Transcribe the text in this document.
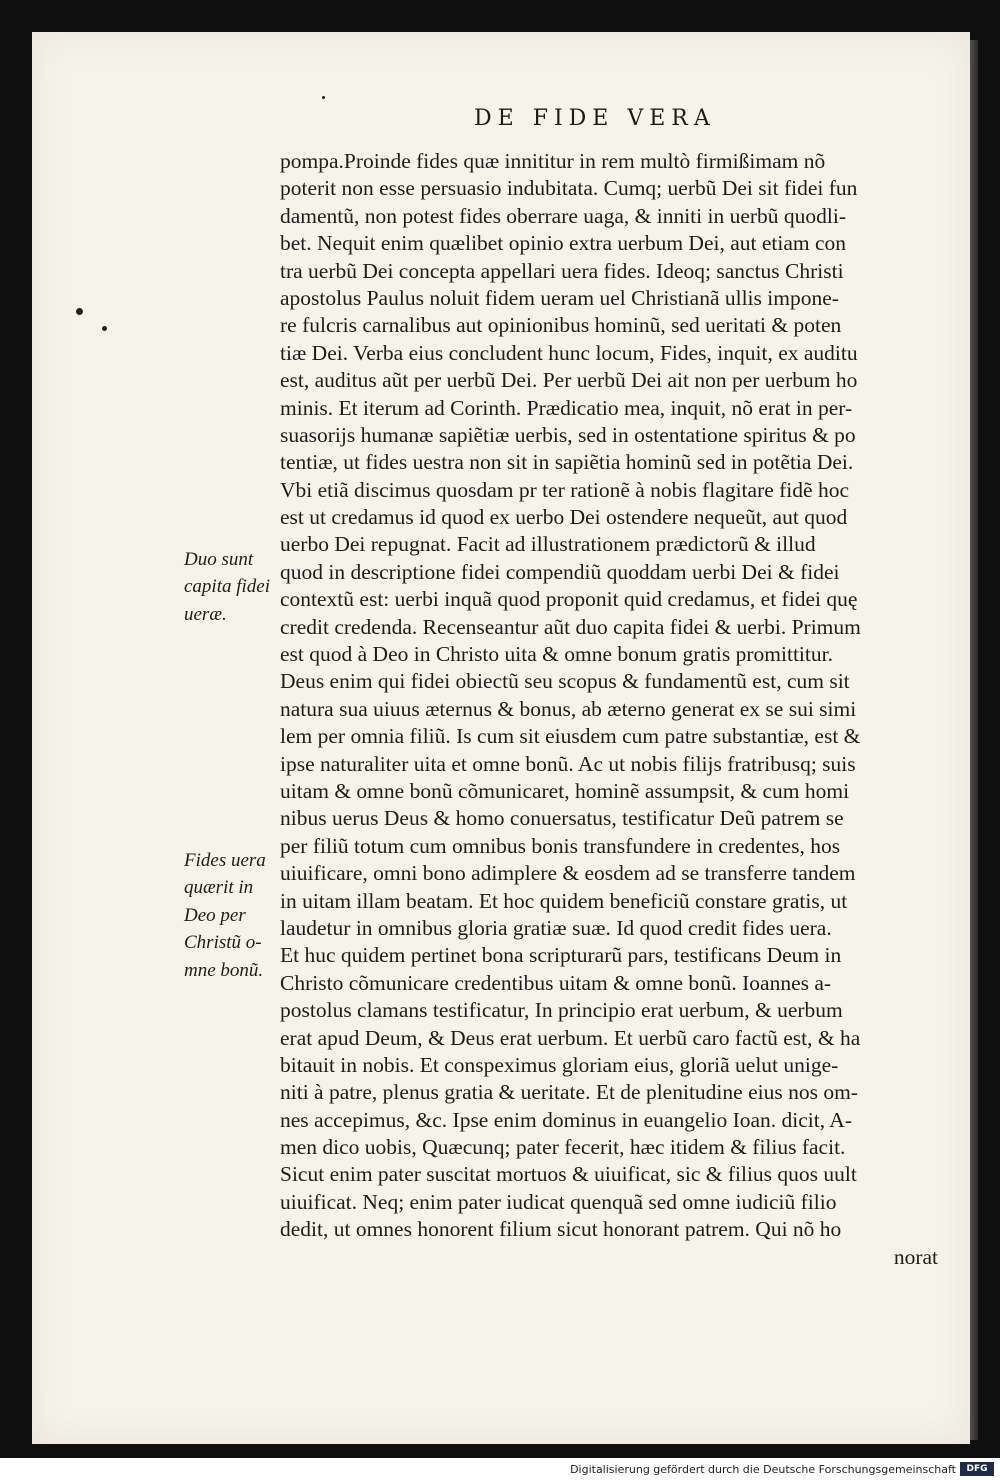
DE FIDE VERA
Duo sunt
capita fidei
ueræ.
Fides uera
quærit in
Deo per
Christũ o-
mne bonũ.
pompa.Proinde fides quæ innititur in rem multò firmißimam nõ
poterit non esse persuasio indubitata. Cumq; uerbũ Dei sit fidei fun
damentũ, non potest fides oberrare uaga, & inniti in uerbũ quodli-
bet. Nequit enim quælibet opinio extra uerbum Dei, aut etiam con
tra uerbũ Dei concepta appellari uera fides. Ideoq; sanctus Christi
apostolus Paulus noluit fidem ueram uel Christianã ullis impone-
re fulcris carnalibus aut opinionibus hominũ, sed ueritati & poten
tiæ Dei. Verba eius concludent hunc locum, Fides, inquit, ex auditu
est, auditus aũt per uerbũ Dei. Per uerbũ Dei ait non per uerbum ho
minis. Et iterum ad Corinth. Prædicatio mea, inquit, nõ erat in per-
suasorijs humanæ sapiẽtiæ uerbis, sed in ostentatione spiritus & po
tentiæ, ut fides uestra non sit in sapiẽtia hominũ sed in potẽtia Dei.
Vbi etiã discimus quosdam pr ter rationẽ à nobis flagitare fidẽ hoc
est ut credamus id quod ex uerbo Dei ostendere nequeũt, aut quod
uerbo Dei repugnat. Facit ad illustrationem prædictorũ & illud
quod in descriptione fidei compendiũ quoddam uerbi Dei & fidei
contextũ est: uerbi inquã quod proponit quid credamus, et fidei quę
credit credenda. Recenseantur aũt duo capita fidei & uerbi. Primum
est quod à Deo in Christo uita & omne bonum gratis promittitur.
Deus enim qui fidei obiectũ seu scopus & fundamentũ est, cum sit
natura sua uiuus æternus & bonus, ab æterno generat ex se sui simi
lem per omnia filiũ. Is cum sit eiusdem cum patre substantiæ, est &
ipse naturaliter uita et omne bonũ. Ac ut nobis filijs fratribusq; suis
uitam & omne bonũ cõmunicaret, hominẽ assumpsit, & cum homi
nibus uerus Deus & homo conuersatus, testificatur Deũ patrem se
per filiũ totum cum omnibus bonis transfundere in credentes, hos
uiuificare, omni bono adimplere & eosdem ad se transferre tandem
in uitam illam beatam. Et hoc quidem beneficiũ constare gratis, ut
laudetur in omnibus gloria gratiæ suæ. Id quod credit fides uera.
Et huc quidem pertinet bona scripturarũ pars, testificans Deum in
Christo cõmunicare credentibus uitam & omne bonũ. Ioannes a-
postolus clamans testificatur, In principio erat uerbum, & uerbum
erat apud Deum, & Deus erat uerbum. Et uerbũ caro factũ est, & ha
bitauit in nobis. Et conspeximus gloriam eius, gloriã uelut unige-
niti à patre, plenus gratia & ueritate. Et de plenitudine eius nos om-
nes accepimus, &c. Ipse enim dominus in euangelio Ioan. dicit, A-
men dico uobis, Quæcunq; pater fecerit, hæc itidem & filius facit.
Sicut enim pater suscitat mortuos & uiuificat, sic & filius quos uult
uiuificat. Neq; enim pater iudicat quenquã sed omne iudiciũ filio
dedit, ut omnes honorent filium sicut honorant patrem. Qui nõ ho
norat
Digitalisierung gefördert durch die Deutsche Forschungsgemeinschaft	DFG
